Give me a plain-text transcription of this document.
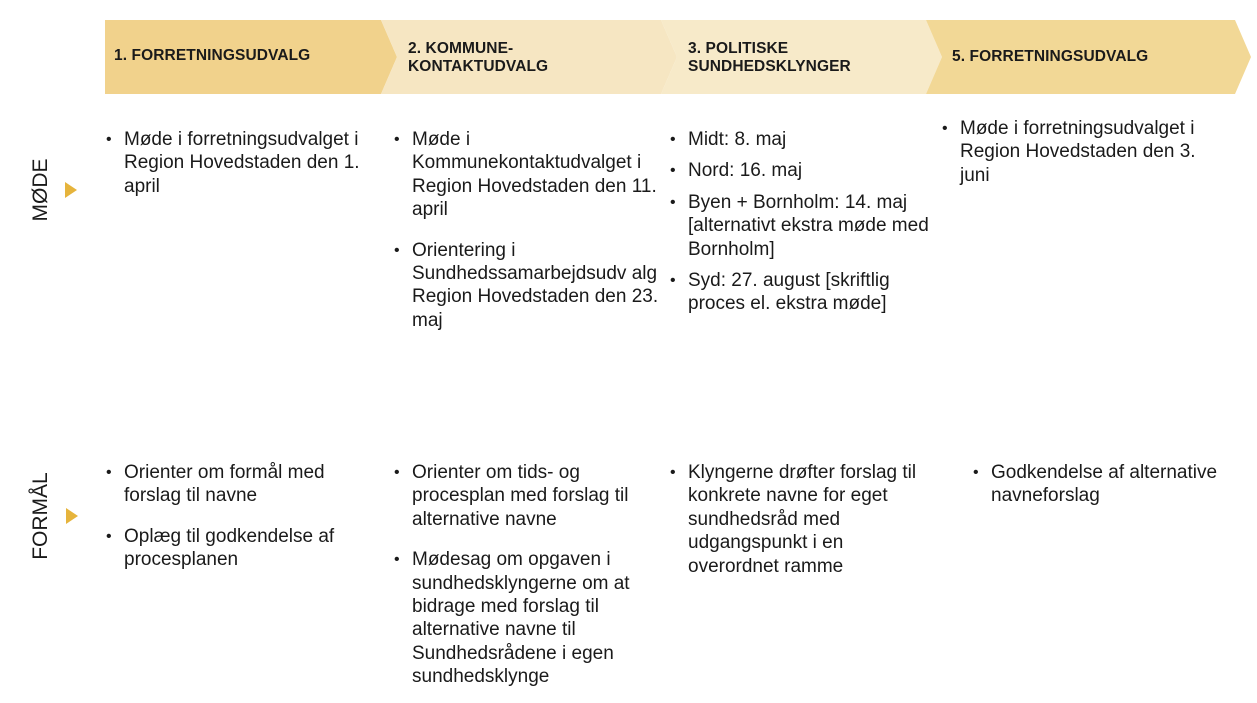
1. FORRETNINGSUDVALG	2. KOMMUNE-
KONTAKTUDVALG
3. POLITISKE
SUNDHEDSKLYNGER
5. FORRETNINGSUDVALG
MØDE
FORMÅL
• Møde i forretningsudvalget i Region Hovedstaden den 1. april
• Møde i Kommunekontaktudvalget i Region Hovedstaden den 11. april
• Orientering i Sundhedssamarbejdsudv alg Region Hovedstaden den 23. maj
• Midt: 8. maj
• Nord: 16. maj
• Byen + Bornholm: 14. maj [alternativt ekstra møde med Bornholm]
• Syd: 27. august [skriftlig proces el. ekstra møde]
• Møde i forretningsudvalget i Region Hovedstaden den 3. juni
• Orienter om formål med forslag til navne
• Oplæg til godkendelse af procesplanen
• Orienter om tids- og procesplan med forslag til alternative navne
• Mødesag om opgaven i sundhedsklyngerne om at bidrage med forslag til alternative navne til Sundhedsrådene i egen sundhedsklynge
• Klyngerne drøfter forslag til konkrete navne for eget sundhedsråd med udgangspunkt i en overordnet ramme
• Godkendelse af alternative navneforslag
